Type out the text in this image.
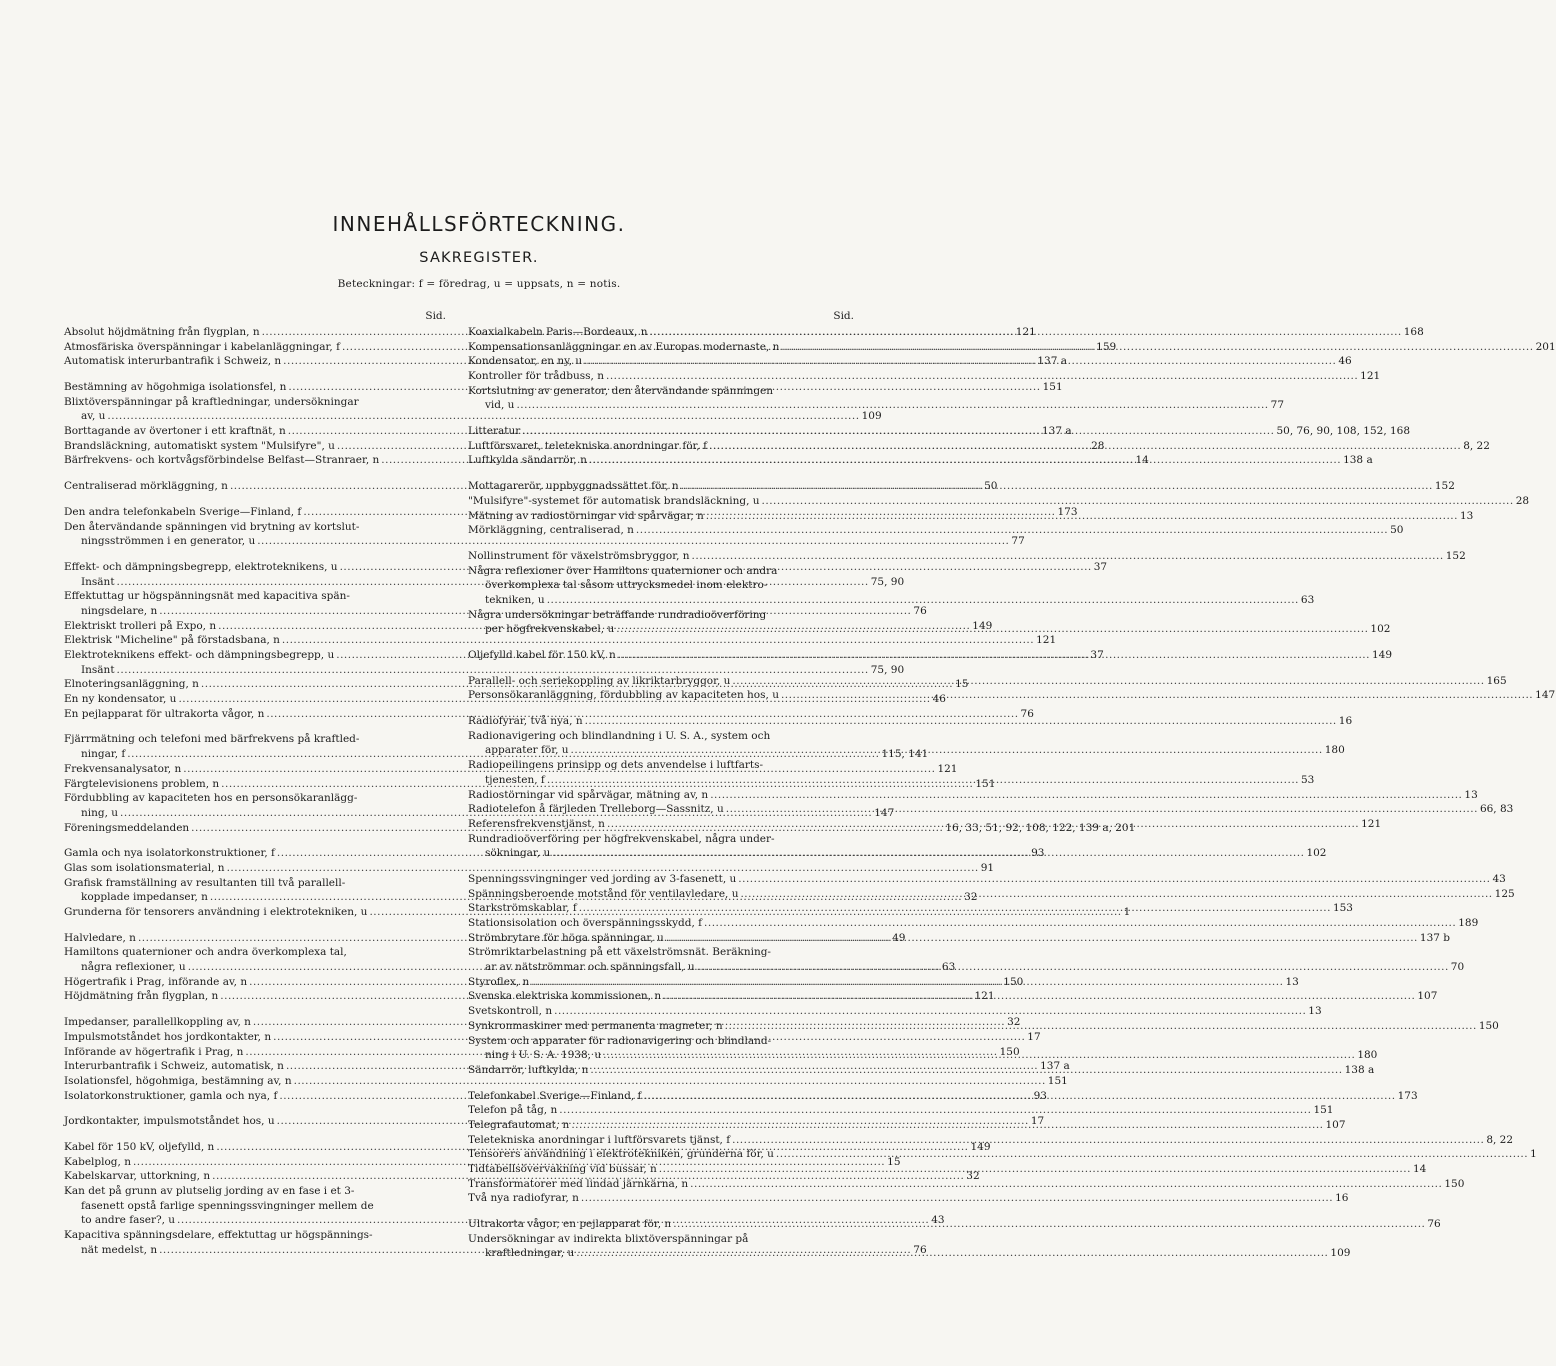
INNEHÅLLSFÖRTECKNING.
SAKREGISTER.
Beteckningar: f = föredrag, u = uppsats, n = notis.
Sid.
Absolut höjdmätning från flygplan, n .....	121
Atmosfäriska överspänningar i kabelanläggningar, f .....	159
Automatisk interurbantrafik i Schweiz, n .....	137 a
Bestämning av högohmiga isolationsfel, n .....	151
Blixtöverspänningar på kraftledningar, undersökningar
av, u .....	109
Borttagande av övertoner i ett kraftnät, n .....	137 a
Brandsläckning, automatiskt system "Mulsifyre", u .....	28
Bärfrekvens- och kortvågsförbindelse Belfast—Stranraer, n .....	14
Centraliserad mörkläggning, n .....	50
Den andra telefonkabeln Sverige—Finland, f .....	173
Den återvändande spänningen vid brytning av kortslut-
ningsströmmen i en generator, u .....	77
Effekt- och dämpningsbegrepp, elektroteknikens, u .....	37
Insänt .....	75, 90
Effektuttag ur högspänningsnät med kapacitiva spän-
ningsdelare, n .....	76
Elektriskt trolleri på Expo, n .....	149
Elektrisk "Micheline" på förstadsbana, n .....	121
Elektroteknikens effekt- och dämpningsbegrepp, u .....	37
Insänt .....	75, 90
Elnoteringsanläggning, n .....	15
En ny kondensator, u .....	46
En pejlapparat för ultrakorta vågor, n .....	76
Fjärrmätning och telefoni med bärfrekvens på kraftled-
ningar, f .....	115, 141
Frekvensanalysator, n .....	121
Färgtelevisionens problem, n .....	151
Fördubbling av kapaciteten hos en personsökaranlägg-
ning, u .....	147
Föreningsmeddelanden .....	16, 33, 51, 92, 108, 122, 139 a, 201
Gamla och nya isolatorkonstruktioner, f .....	93
Glas som isolationsmaterial, n .....	91
Grafisk framställning av resultanten till två parallell-
kopplade impedanser, n .....	32
Grunderna för tensorers användning i elektrotekniken, u .....	1
Halvledare, n .....	49
Hamiltons quaternioner och andra överkomplexa tal,
några reflexioner, u .....	63
Högertrafik i Prag, införande av, n .....	150
Höjdmätning från flygplan, n .....	121
Impedanser, parallellkoppling av, n .....	32
Impulsmotståndet hos jordkontakter, n .....	17
Införande av högertrafik i Prag, n .....	150
Interurbantrafik i Schweiz, automatisk, n .....	137 a
Isolationsfel, högohmiga, bestämning av, n .....	151
Isolatorkonstruktioner, gamla och nya, f .....	93
Jordkontakter, impulsmotståndet hos, u .....	17
Kabel för 150 kV, oljefylld, n .....	149
Kabelplog, n .....	15
Kabelskarvar, uttorkning, n .....	32
Kan det på grunn av plutselig jording av en fase i et 3-
fasenett opstå farlige spenningssvingninger mellem de
to andre faser?, u .....	43
Kapacitiva spänningsdelare, effektuttag ur högspännings-
nät medelst, n .....	76
Sid.
Koaxialkabeln Paris—Bordeaux, n .....	168
Kompensationsanläggningar en av Europas modernaste, n .....	201
Kondensator, en ny, u .....	46
Kontroller för trådbuss, n .....	121
Kortslutning av generator, den återvändande spänningen
vid, u .....	77
Litteratur .....	50, 76, 90, 108, 152, 168
Luftförsvaret, teletekniska anordningar för, f .....	8, 22
Luftkylda sändarrör, n .....	138 a
Mottagarerör, uppbyggnadssättet för, n .....	152
"Mulsifyre"-systemet för automatisk brandsläckning, u .....	28
Mätning av radiostörningar vid spårvägar, n .....	13
Mörkläggning, centraliserad, n .....	50
Nollinstrument för växelströmsbryggor, n .....	152
Några reflexioner över Hamiltons quaternioner och andra
överkomplexa tal såsom uttrycksmedel inom elektro-
tekniken, u .....	63
Några undersökningar beträffande rundradioöverföring
per högfrekvenskabel, u .....	102
Oljefylld kabel för 150 kV, n .....	149
Parallell- och seriekoppling av likriktarbryggor, u .....	165
Personsökaranläggning, fördubbling av kapaciteten hos, u .....	147
Radiofyrar, två nya, n .....	16
Radionavigering och blindlandning i U. S. A., system och
apparater för, u .....	180
Radiopeilingens prinsipp og dets anvendelse i luftfarts-
tjenesten, f .....	53
Radiostörningar vid spårvägar, mätning av, n .....	13
Radiotelefon å färjleden Trelleborg—Sassnitz, u .....	66, 83
Referensfrekvenstjänst, n .....	121
Rundradioöverföring per högfrekvenskabel, några under-
sökningar, u .....	102
Spenningssvingninger ved jording av 3-fasenett, u .....	43
Spänningsberoende motstånd för ventilavledare, u .....	125
Starkströmskablar, f .....	153
Stationsisolation och överspänningsskydd, f .....	189
Strömbrytare för höga spänningar, u .....	137 b
Strömriktarbelastning på ett växelströmsnät. Beräkning-
ar av nätströmmar och spänningsfall, u .....	70
Styroflex, n .....	13
Svenska elektriska kommissionen, n .....	107
Svetskontroll, n .....	13
Synkronmaskiner med permanenta magneter, n .....	150
System och apparater för radionavigering och blindland-
ning i U. S. A. 1938, u .....	180
Sändarrör, luftkylda, n .....	138 a
Telefonkabel Sverige—Finland, f .....	173
Telefon på tåg, n .....	151
Telegrafautomat, n .....	107
Teletekniska anordningar i luftförsvarets tjänst, f .....	8, 22
Tensorers användning i elektrotekniken, grunderna för, u .....	1
Tidtabellsövervakning vid bussar, n .....	14
Transformatorer med lindad järnkärna, n .....	150
Två nya radiofyrar, n .....	16
Ultrakorta vågor, en pejlapparat för, n .....	76
Undersökningar av indirekta blixtöverspänningar på
kraftledningar, u .....	109
